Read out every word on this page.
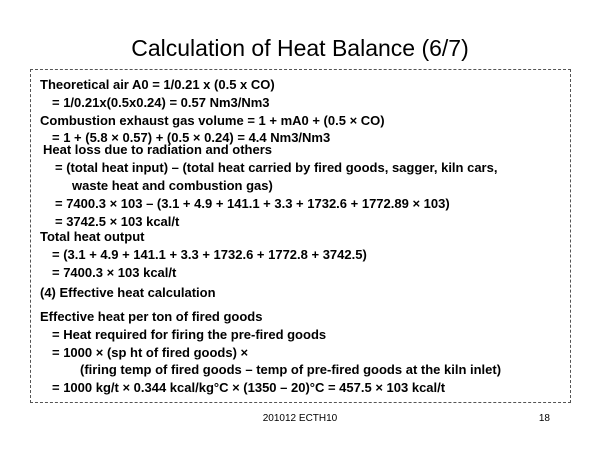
Calculation of Heat Balance (6/7)
Theoretical air A0 = 1/0.21 x (0.5 x CO)
= 1/0.21x(0.5x0.24) = 0.57 Nm3/Nm3
Combustion exhaust gas volume = 1 + mA0 + (0.5 × CO)
= 1 + (5.8 × 0.57) + (0.5 × 0.24) = 4.4 Nm3/Nm3
Heat loss due to radiation and others
= (total heat input) – (total heat carried by fired goods, sagger, kiln cars,
waste heat and combustion gas)
= 7400.3 × 103 – (3.1 + 4.9 + 141.1 + 3.3 + 1732.6 + 1772.89 × 103)
= 3742.5 × 103 kcal/t
Total heat output
= (3.1 + 4.9 + 141.1 + 3.3 + 1732.6 + 1772.8 + 3742.5)
= 7400.3 × 103 kcal/t
(4) Effective heat calculation
Effective heat per ton of fired goods
= Heat required for firing the pre-fired goods
= 1000 × (sp ht of fired goods) ×
(firing temp of fired goods – temp of pre-fired goods at the kiln inlet)
= 1000 kg/t × 0.344 kcal/kg°C × (1350 – 20)°C = 457.5 × 103 kcal/t
201012 ECTH10	18
